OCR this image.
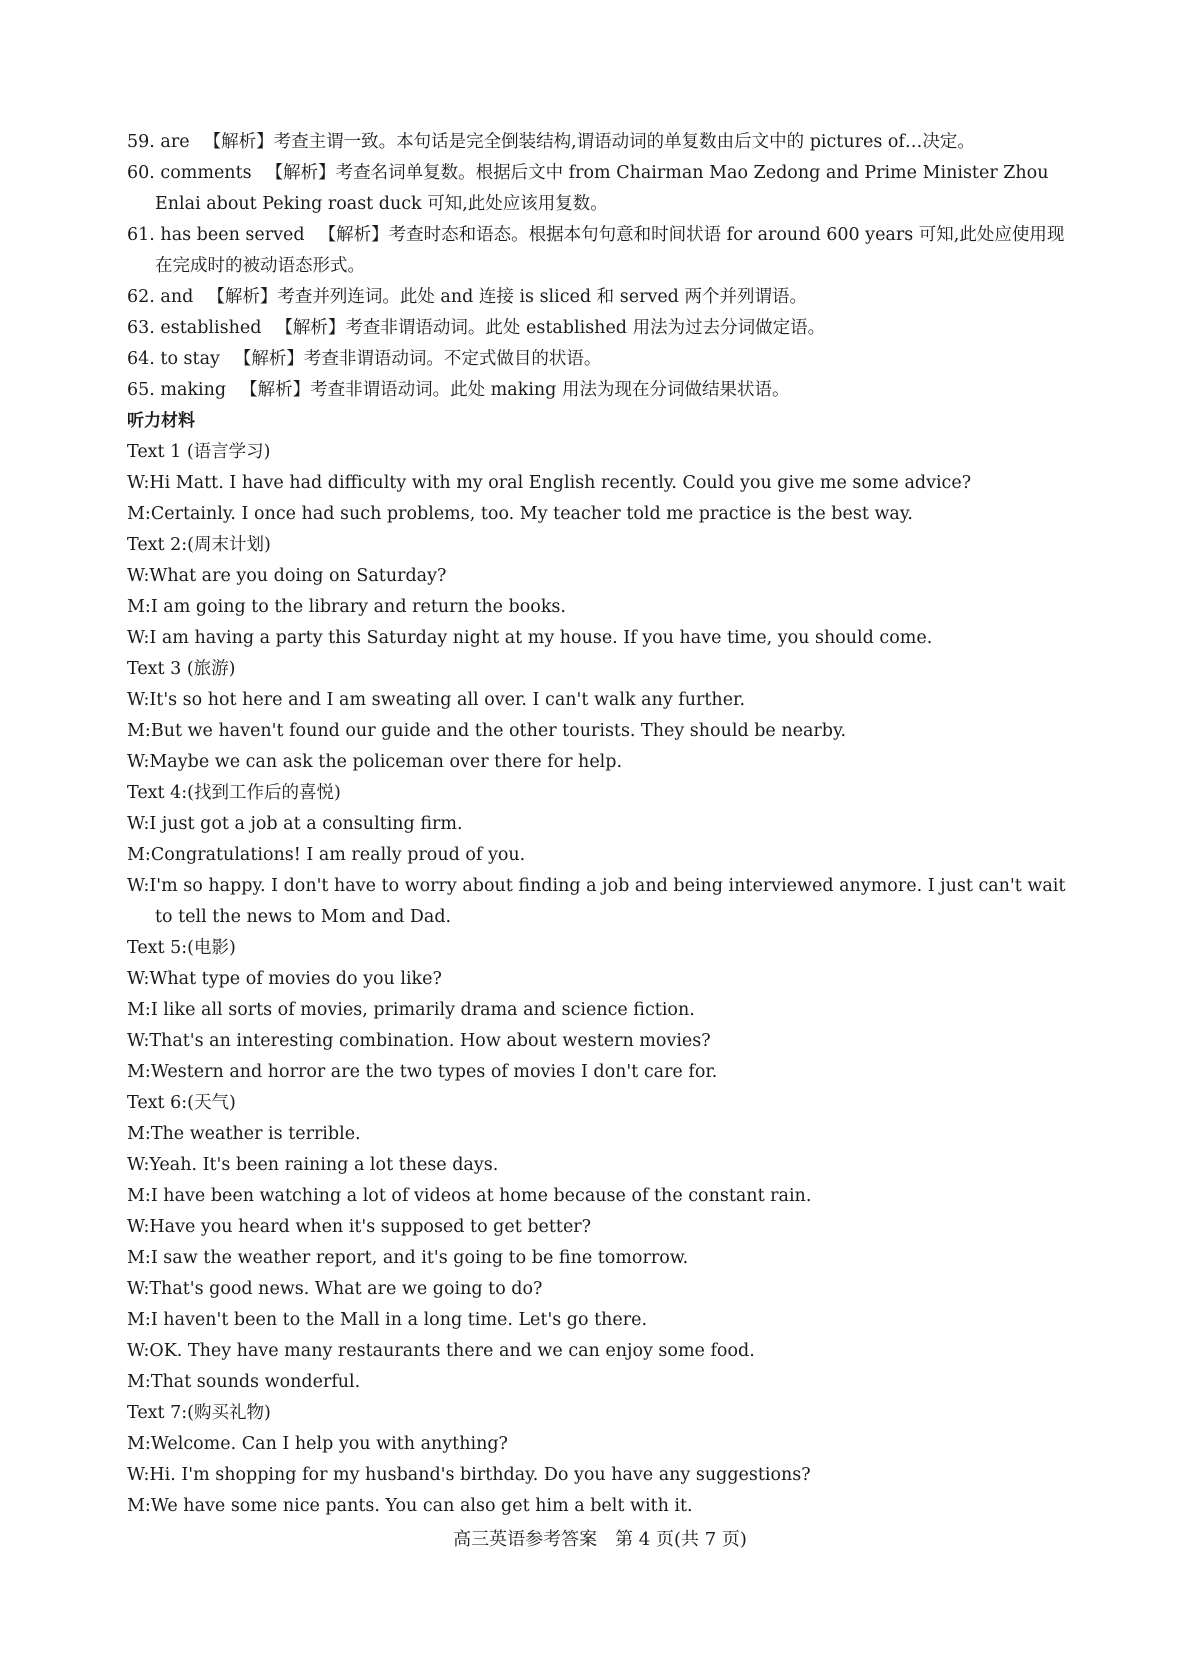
59. are 【解析】考查主谓一致。本句话是完全倒装结构,谓语动词的单复数由后文中的 pictures of…决定。

60. comments 【解析】考查名词单复数。根据后文中 from Chairman Mao Zedong and Prime Minister Zhou Enlai about Peking roast duck 可知,此处应该用复数。

61. has been served 【解析】考查时态和语态。根据本句句意和时间状语 for around 600 years 可知,此处应使用现在完成时的被动语态形式。

62. and 【解析】考查并列连词。此处 and 连接 is sliced 和 served 两个并列谓语。

63. established 【解析】考查非谓语动词。此处 established 用法为过去分词做定语。

64. to stay 【解析】考查非谓语动词。不定式做目的状语。

65. making 【解析】考查非谓语动词。此处 making 用法为现在分词做结果状语。

听力材料

Text 1 (语言学习)

W : Hi Matt. I have had difficulty with my oral English recently. Could you give me some advice?

M : Certainly. I once had such problems, too. My teacher told me practice is the best way.

Text 2:(周末计划)

W : What are you doing on Saturday?

M : I am going to the library and return the books.

W : I am having a party this Saturday night at my house. If you have time, you should come.

Text 3 (旅游)

W : It's so hot here and I am sweating all over. I can't walk any further.

M : But we haven't found our guide and the other tourists. They should be nearby.

W : Maybe we can ask the policeman over there for help.

Text 4:(找到工作后的喜悦)

W : I just got a job at a consulting firm.

M : Congratulations! I am really proud of you.

W : I'm so happy. I don't have to worry about finding a job and being interviewed anymore. I just can't wait to tell the news to Mom and Dad.

Text 5:(电影)

W : What type of movies do you like?

M : I like all sorts of movies, primarily drama and science fiction.

W : That's an interesting combination. How about western movies?

M : Western and horror are the two types of movies I don't care for.

Text 6:(天气)

M : The weather is terrible.

W : Yeah. It's been raining a lot these days.

M : I have been watching a lot of videos at home because of the constant rain.

W : Have you heard when it's supposed to get better?

M : I saw the weather report, and it's going to be fine tomorrow.

W : That's good news. What are we going to do?

M : I haven't been to the Mall in a long time. Let's go there.

W : OK. They have many restaurants there and we can enjoy some food.

M : That sounds wonderful.

Text 7:(购买礼物)

M : Welcome. Can I help you with anything?

W : Hi. I'm shopping for my husband's birthday. Do you have any suggestions?

M : We have some nice pants. You can also get him a belt with it.

高三英语参考答案　第 4 页(共 7 页)
